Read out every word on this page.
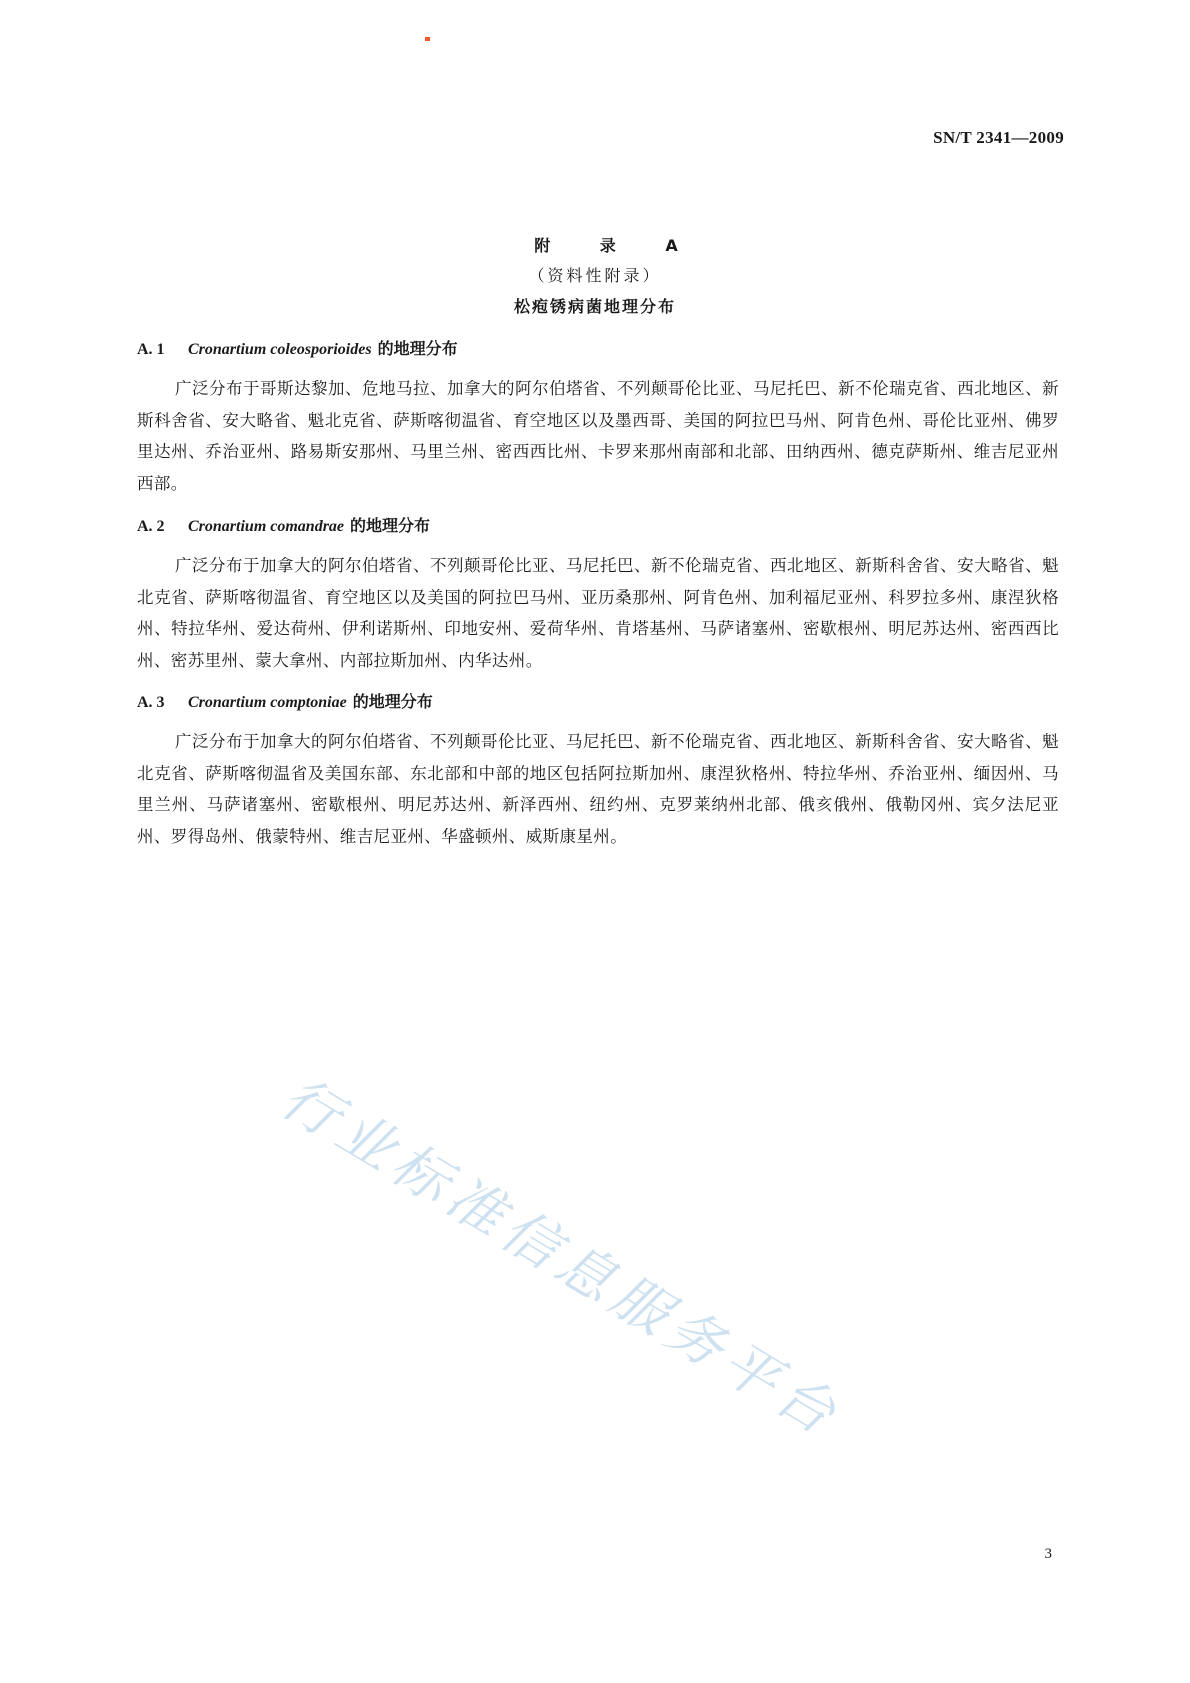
SN/T 2341—2009
附 录 A
（资料性附录）
松疱锈病菌地理分布
A. 1 Cronartium coleosporioides 的地理分布
广泛分布于哥斯达黎加、危地马拉、加拿大的阿尔伯塔省、不列颠哥伦比亚、马尼托巴、新不伦瑞克省、西北地区、新斯科舍省、安大略省、魁北克省、萨斯喀彻温省、育空地区以及墨西哥、美国的阿拉巴马州、阿肯色州、哥伦比亚州、佛罗里达州、乔治亚州、路易斯安那州、马里兰州、密西西比州、卡罗来那州南部和北部、田纳西州、德克萨斯州、维吉尼亚州西部。
A. 2 Cronartium comandrae 的地理分布
广泛分布于加拿大的阿尔伯塔省、不列颠哥伦比亚、马尼托巴、新不伦瑞克省、西北地区、新斯科舍省、安大略省、魁北克省、萨斯喀彻温省、育空地区以及美国的阿拉巴马州、亚历桑那州、阿肯色州、加利福尼亚州、科罗拉多州、康涅狄格州、特拉华州、爱达荷州、伊利诺斯州、印地安州、爱荷华州、肯塔基州、马萨诸塞州、密歇根州、明尼苏达州、密西西比州、密苏里州、蒙大拿州、内部拉斯加州、内华达州。
A. 3 Cronartium comptoniae 的地理分布
广泛分布于加拿大的阿尔伯塔省、不列颠哥伦比亚、马尼托巴、新不伦瑞克省、西北地区、新斯科舍省、安大略省、魁北克省、萨斯喀彻温省及美国东部、东北部和中部的地区包括阿拉斯加州、康涅狄格州、特拉华州、乔治亚州、缅因州、马里兰州、马萨诸塞州、密歇根州、明尼苏达州、新泽西州、纽约州、克罗莱纳州北部、俄亥俄州、俄勒冈州、宾夕法尼亚州、罗得岛州、俄蒙特州、维吉尼亚州、华盛顿州、威斯康星州。
行业标准信息服务平台
3
